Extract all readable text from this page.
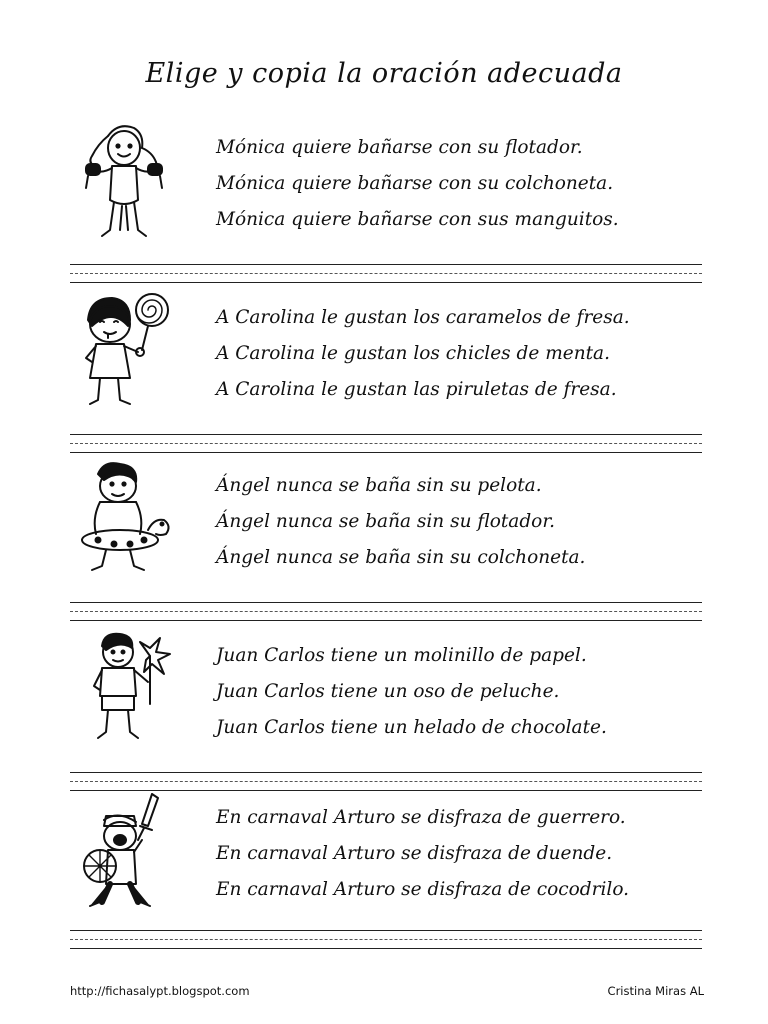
Elige y copia la oración adecuada
Mónica quiere bañarse con su flotador.
Mónica quiere bañarse con su colchoneta.
Mónica quiere bañarse con sus manguitos.
A Carolina le gustan los caramelos de fresa.
A Carolina le gustan los chicles de menta.
A Carolina le gustan las piruletas de fresa.
Ángel nunca se baña sin su pelota.
Ángel nunca se baña sin su flotador.
Ángel nunca se baña sin su colchoneta.
Juan Carlos tiene un molinillo de papel.
Juan Carlos tiene un oso de peluche.
Juan Carlos tiene un helado de chocolate.
En carnaval Arturo se disfraza de guerrero.
En carnaval Arturo se disfraza de duende.
En carnaval Arturo se disfraza de cocodrilo.
http://fichasalypt.blogspot.com	Cristina Miras AL
